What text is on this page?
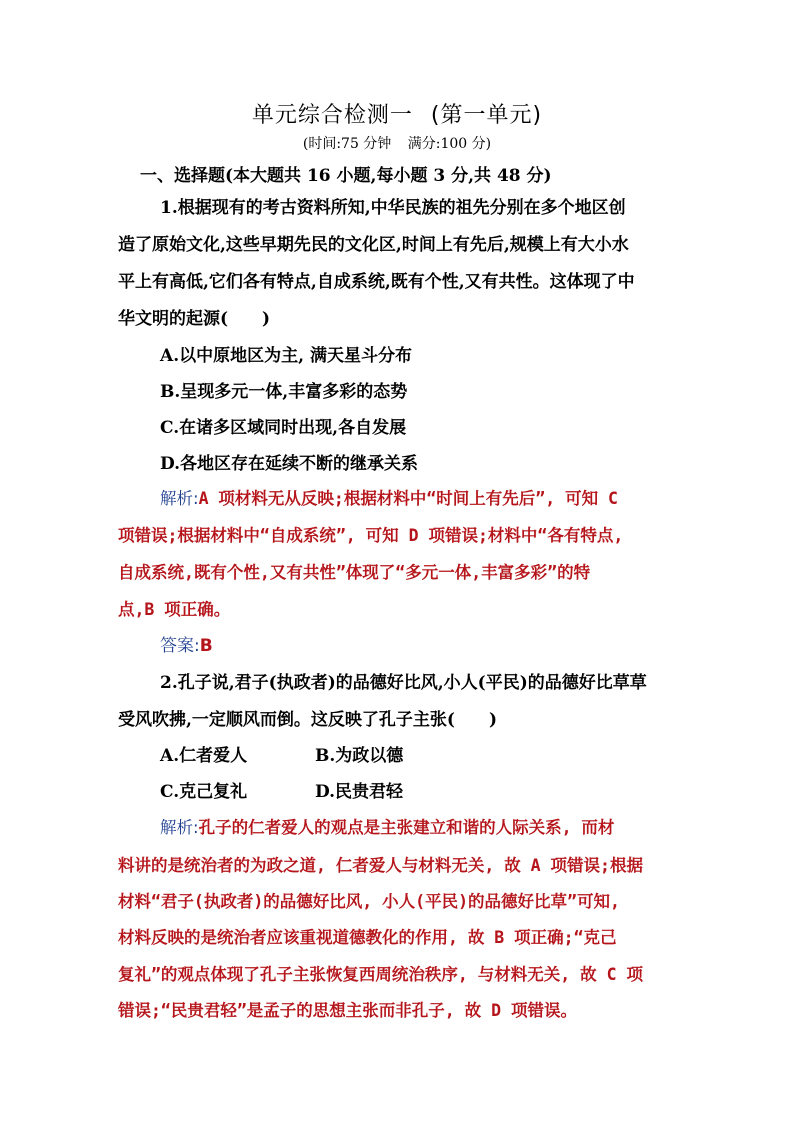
单元综合检测一 (第一单元)
(时间:75 分钟 满分:100 分)
一、选择题(本大题共 16 小题,每小题 3 分,共 48 分)
1.根据现有的考古资料所知,中华民族的祖先分别在多个地区创
造了原始文化,这些早期先民的文化区,时间上有先后,规模上有大小水
平上有高低,它们各有特点,自成系统,既有个性,又有共性。这体现了中
华文明的起源(　　)
A.以中原地区为主, 满天星斗分布
B.呈现多元一体,丰富多彩的态势
C.在诸多区域同时出现,各自发展
D.各地区存在延续不断的继承关系
解析:A 项材料无从反映;根据材料中“时间上有先后”, 可知 C
项错误;根据材料中“自成系统”, 可知 D 项错误;材料中“各有特点,
自成系统,既有个性,又有共性”体现了“多元一体,丰富多彩”的特
点,B 项正确。
答案:B
2.孔子说,君子(执政者)的品德好比风,小人(平民)的品德好比草草
受风吹拂,一定顺风而倒。这反映了孔子主张(　　)
A.仁者爱人	B.为政以德
C.克己复礼	D.民贵君轻
解析:孔子的仁者爱人的观点是主张建立和谐的人际关系, 而材
料讲的是统治者的为政之道, 仁者爱人与材料无关, 故 A 项错误;根据
材料“君子(执政者)的品德好比风, 小人(平民)的品德好比草”可知,
材料反映的是统治者应该重视道德教化的作用, 故 B 项正确;“克己
复礼”的观点体现了孔子主张恢复西周统治秩序, 与材料无关, 故 C 项
错误;“民贵君轻”是孟子的思想主张而非孔子, 故 D 项错误。
